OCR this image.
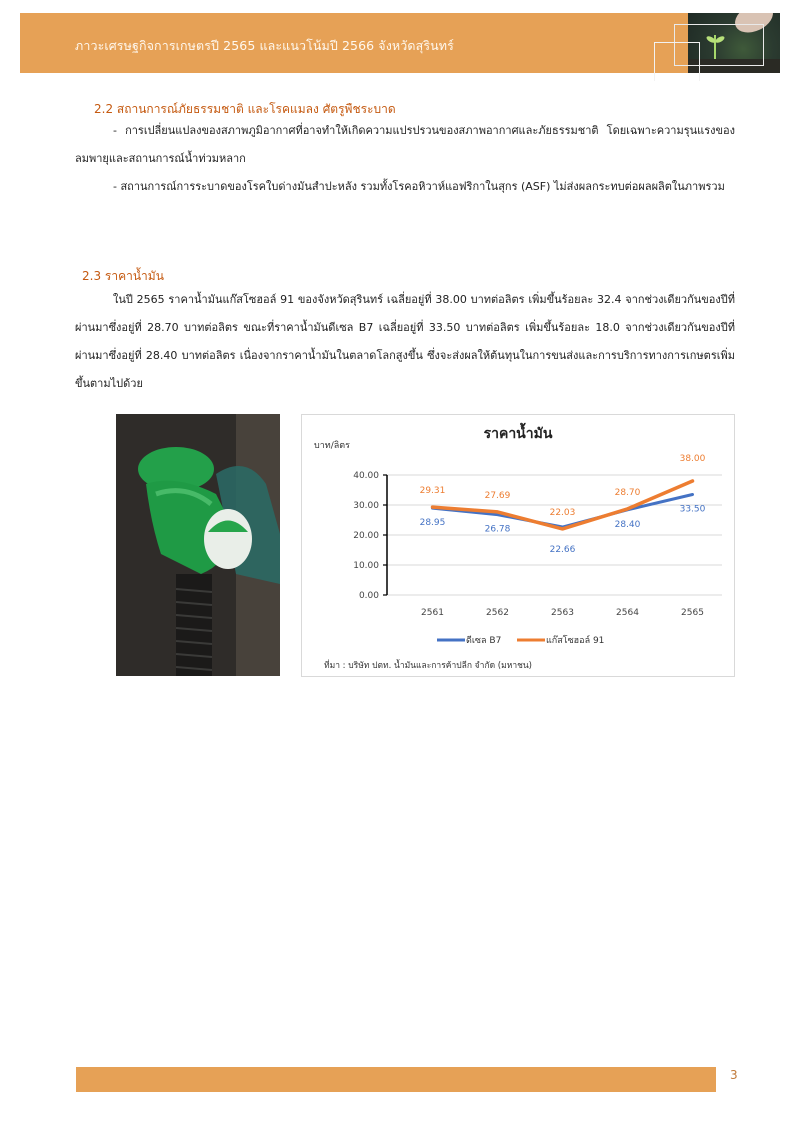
ภาวะเศรษฐกิจการเกษตรปี 2565 และแนวโน้มปี 2566 จังหวัดสุรินทร์
2.2 สถานการณ์ภัยธรรมชาติ และโรคแมลง ศัตรูพืชระบาด
- การเปลี่ยนแปลงของสภาพภูมิอากาศที่อาจทำให้เกิดความแปรปรวนของสภาพอากาศและภัยธรรมชาติ โดยเฉพาะความรุนแรงของลมพายุและสถานการณ์น้ำท่วมหลาก
- สถานการณ์การระบาดของโรคใบด่างมันสำปะหลัง รวมทั้งโรคอหิวาห์แอฟริกาในสุกร (ASF) ไม่ส่งผลกระทบต่อผลผลิตในภาพรวม
2.3 ราคาน้ำมัน
ในปี 2565 ราคาน้ำมันแก๊สโซฮอล์ 91 ของจังหวัดสุรินทร์ เฉลี่ยอยู่ที่ 38.00 บาทต่อลิตร เพิ่มขึ้นร้อยละ 32.4 จากช่วงเดียวกันของปีที่ผ่านมาซึ่งอยู่ที่ 28.70 บาทต่อลิตร ขณะที่ราคาน้ำมันดีเซล B7 เฉลี่ยอยู่ที่ 33.50 บาทต่อลิตร เพิ่มขึ้นร้อยละ 18.0 จากช่วงเดียวกันของปีที่ผ่านมาซึ่งอยู่ที่ 28.40 บาทต่อลิตร เนื่องจากราคาน้ำมันในตลาดโลกสูงขึ้น ซึ่งจะส่งผลให้ต้นทุนในการขนส่งและการบริการทางการเกษตรเพิ่มขึ้นตามไปด้วย
ราคาน้ำมัน
บาท/ลิตร
0.00
10.00
20.00
30.00
40.00
2561	2562	2563	2564	2565
28.95
26.78
22.66
28.40
33.50
29.31	27.69
22.03
28.70
38.00
ดีเซล B7	แก๊สโซฮอล์ 91
ที่มา : บริษัท ปตท. น้ำมันและการค้าปลีก จำกัด (มหาชน)
3
